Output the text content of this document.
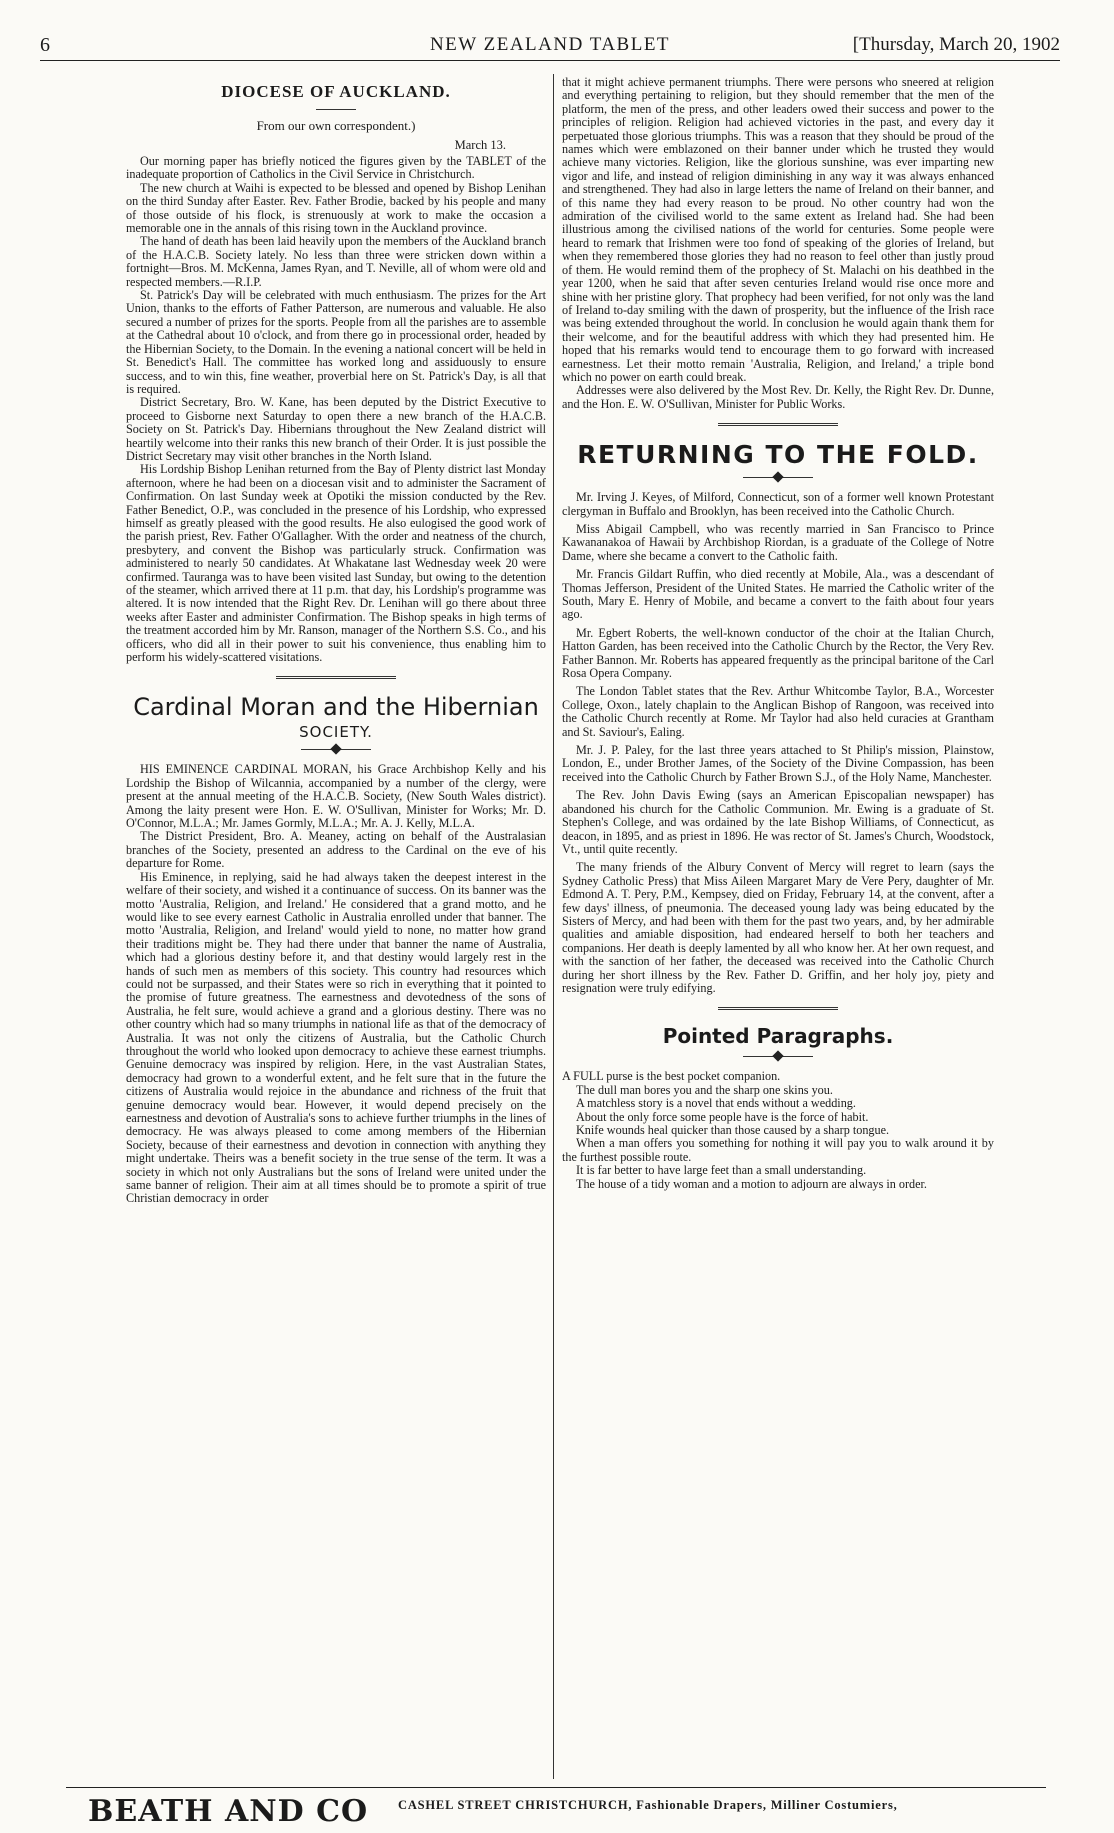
6	NEW ZEALAND TABLET	[Thursday, March 20, 1902
DIOCESE OF AUCKLAND.
From our own correspondent.)
March 13.

Our morning paper has briefly noticed the figures given by the TABLET of the inadequate proportion of Catholics in the Civil Service in Christchurch.

The new church at Waihi is expected to be blessed and opened by Bishop Lenihan on the third Sunday after Easter. Rev. Father Brodie, backed by his people and many of those outside of his flock, is strenuously at work to make the occasion a memorable one in the annals of this rising town in the Auckland province.

The hand of death has been laid heavily upon the members of the Auckland branch of the H.A.C.B. Society lately. No less than three were stricken down within a fortnight—Bros. M. McKenna, James Ryan, and T. Neville, all of whom were old and respected members.—R.I.P.

St. Patrick's Day will be celebrated with much enthusiasm. The prizes for the Art Union, thanks to the efforts of Father Patterson, are numerous and valuable. He also secured a number of prizes for the sports. People from all the parishes are to assemble at the Cathedral about 10 o'clock, and from there go in processional order, headed by the Hibernian Society, to the Domain. In the evening a national concert will be held in St. Benedict's Hall. The committee has worked long and assiduously to ensure success, and to win this, fine weather, proverbial here on St. Patrick's Day, is all that is required.

District Secretary, Bro. W. Kane, has been deputed by the District Executive to proceed to Gisborne next Saturday to open there a new branch of the H.A.C.B. Society on St. Patrick's Day. Hibernians throughout the New Zealand district will heartily welcome into their ranks this new branch of their Order. It is just possible the District Secretary may visit other branches in the North Island.

His Lordship Bishop Lenihan returned from the Bay of Plenty district last Monday afternoon, where he had been on a diocesan visit and to administer the Sacrament of Confirmation. On last Sunday week at Opotiki the mission conducted by the Rev. Father Benedict, O.P., was concluded in the presence of his Lordship, who expressed himself as greatly pleased with the good results. He also eulogised the good work of the parish priest, Rev. Father O'Gallagher. With the order and neatness of the church, presbytery, and convent the Bishop was particularly struck. Confirmation was administered to nearly 50 candidates. At Whakatane last Wednesday week 20 were confirmed. Tauranga was to have been visited last Sunday, but owing to the detention of the steamer, which arrived there at 11 p.m. that day, his Lordship's programme was altered. It is now intended that the Right Rev. Dr. Lenihan will go there about three weeks after Easter and administer Confirmation. The Bishop speaks in high terms of the treatment accorded him by Mr. Ranson, manager of the Northern S.S. Co., and his officers, who did all in their power to suit his convenience, thus enabling him to perform his widely-scattered visitations.

Cardinal Moran and the Hibernian
SOCIETY.

HIS EMINENCE CARDINAL MORAN, his Grace Archbishop Kelly and his Lordship the Bishop of Wilcannia, accompanied by a number of the clergy, were present at the annual meeting of the H.A.C.B. Society, (New South Wales district). Among the laity present were Hon. E. W. O'Sullivan, Minister for Works; Mr. D. O'Connor, M.L.A.; Mr. James Gormly, M.L.A.; Mr. A. J. Kelly, M.L.A.

The District President, Bro. A. Meaney, acting on behalf of the Australasian branches of the Society, presented an address to the Cardinal on the eve of his departure for Rome.

His Eminence, in replying, said he had always taken the deepest interest in the welfare of their society, and wished it a continuance of success. On its banner was the motto 'Australia, Religion, and Ireland.' He considered that a grand motto, and he would like to see every earnest Catholic in Australia enrolled under that banner. The motto 'Australia, Religion, and Ireland' would yield to none, no matter how grand their traditions might be. They had there under that banner the name of Australia, which had a glorious destiny before it, and that destiny would largely rest in the hands of such men as members of this society. This country had resources which could not be surpassed, and their States were so rich in everything that it pointed to the promise of future greatness. The earnestness and devotedness of the sons of Australia, he felt sure, would achieve a grand and a glorious destiny. There was no other country which had so many triumphs in national life as that of the democracy of Australia. It was not only the citizens of Australia, but the Catholic Church throughout the world who looked upon democracy to achieve these earnest triumphs. Genuine democracy was inspired by religion. Here, in the vast Australian States, democracy had grown to a wonderful extent, and he felt sure that in the future the citizens of Australia would rejoice in the abundance and richness of the fruit that genuine democracy would bear. However, it would depend precisely on the earnestness and devotion of Australia's sons to achieve further triumphs in the lines of democracy. He was always pleased to come among members of the Hibernian Society, because of their earnestness and devotion in connection with anything they might undertake. Theirs was a benefit society in the true sense of the term. It was a society in which not only Australians but the sons of Ireland were united under the same banner of religion. Their aim at all times should be to promote a spirit of true Christian democracy in order

that it might achieve permanent triumphs. There were persons who sneered at religion and everything pertaining to religion, but they should remember that the men of the platform, the men of the press, and other leaders owed their success and power to the principles of religion. Religion had achieved victories in the past, and every day it perpetuated those glorious triumphs. This was a reason that they should be proud of the names which were emblazoned on their banner under which he trusted they would achieve many victories. Religion, like the glorious sunshine, was ever imparting new vigor and life, and instead of religion diminishing in any way it was always enhanced and strengthened. They had also in large letters the name of Ireland on their banner, and of this name they had every reason to be proud. No other country had won the admiration of the civilised world to the same extent as Ireland had. She had been illustrious among the civilised nations of the world for centuries. Some people were heard to remark that Irishmen were too fond of speaking of the glories of Ireland, but when they remembered those glories they had no reason to feel other than justly proud of them. He would remind them of the prophecy of St. Malachi on his deathbed in the year 1200, when he said that after seven centuries Ireland would rise once more and shine with her pristine glory. That prophecy had been verified, for not only was the land of Ireland to-day smiling with the dawn of prosperity, but the influence of the Irish race was being extended throughout the world. In conclusion he would again thank them for their welcome, and for the beautiful address with which they had presented him. He hoped that his remarks would tend to encourage them to go forward with increased earnestness. Let their motto remain 'Australia, Religion, and Ireland,' a triple bond which no power on earth could break.

Addresses were also delivered by the Most Rev. Dr. Kelly, the Right Rev. Dr. Dunne, and the Hon. E. W. O'Sullivan, Minister for Public Works.

RETURNING TO THE FOLD.

Mr. Irving J. Keyes, of Milford, Connecticut, son of a former well known Protestant clergyman in Buffalo and Brooklyn, has been received into the Catholic Church.

Miss Abigail Campbell, who was recently married in San Francisco to Prince Kawananakoa of Hawaii by Archbishop Riordan, is a graduate of the College of Notre Dame, where she became a convert to the Catholic faith.

Mr. Francis Gildart Ruffin, who died recently at Mobile, Ala., was a descendant of Thomas Jefferson, President of the United States. He married the Catholic writer of the South, Mary E. Henry of Mobile, and became a convert to the faith about four years ago.

Mr. Egbert Roberts, the well-known conductor of the choir at the Italian Church, Hatton Garden, has been received into the Catholic Church by the Rector, the Very Rev. Father Bannon. Mr. Roberts has appeared frequently as the principal baritone of the Carl Rosa Opera Company.

The London Tablet states that the Rev. Arthur Whitcombe Taylor, B.A., Worcester College, Oxon., lately chaplain to the Anglican Bishop of Rangoon, was received into the Catholic Church recently at Rome. Mr Taylor had also held curacies at Grantham and St. Saviour's, Ealing.

Mr. J. P. Paley, for the last three years attached to St Philip's mission, Plainstow, London, E., under Brother James, of the Society of the Divine Compassion, has been received into the Catholic Church by Father Brown S.J., of the Holy Name, Manchester.

The Rev. John Davis Ewing (says an American Episcopalian newspaper) has abandoned his church for the Catholic Communion. Mr. Ewing is a graduate of St. Stephen's College, and was ordained by the late Bishop Williams, of Connecticut, as deacon, in 1895, and as priest in 1896. He was rector of St. James's Church, Woodstock, Vt., until quite recently.

The many friends of the Albury Convent of Mercy will regret to learn (says the Sydney Catholic Press) that Miss Aileen Margaret Mary de Vere Pery, daughter of Mr. Edmond A. T. Pery, P.M., Kempsey, died on Friday, February 14, at the convent, after a few days' illness, of pneumonia. The deceased young lady was being educated by the Sisters of Mercy, and had been with them for the past two years, and, by her admirable qualities and amiable disposition, had endeared herself to both her teachers and companions. Her death is deeply lamented by all who know her. At her own request, and with the sanction of her father, the deceased was received into the Catholic Church during her short illness by the Rev. Father D. Griffin, and her holy joy, piety and resignation were truly edifying.

Pointed Paragraphs.

A FULL purse is the best pocket companion.

The dull man bores you and the sharp one skins you.

A matchless story is a novel that ends without a wedding.

About the only force some people have is the force of habit.

Knife wounds heal quicker than those caused by a sharp tongue.

When a man offers you something for nothing it will pay you to walk around it by the furthest possible route.

It is far better to have large feet than a small understanding.

The house of a tidy woman and a motion to adjourn are always in order.

BEATH AND CO CASHEL STREET CHRISTCHURCH, Fashionable Drapers, Milliner Costumiers,
